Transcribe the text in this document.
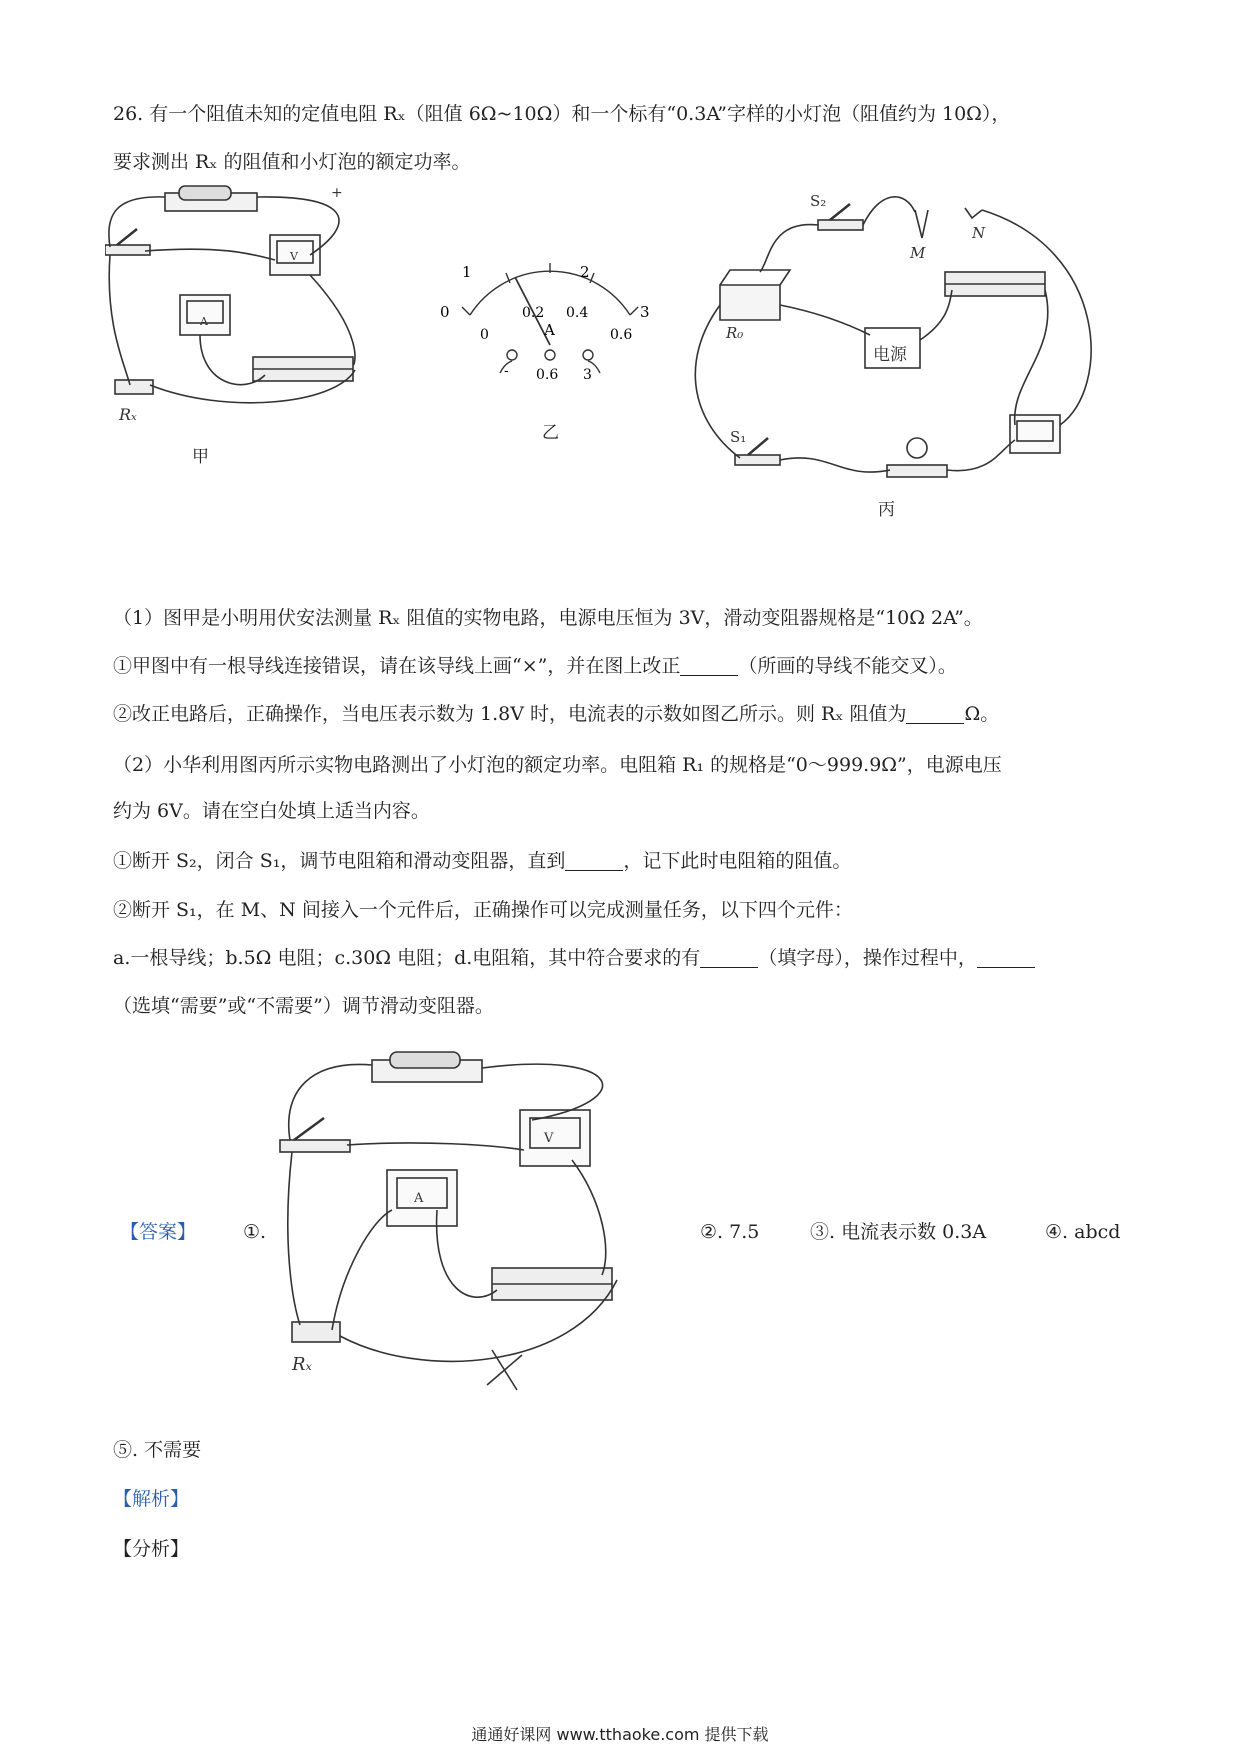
26. 有一个阻值未知的定值电阻 Rₓ（阻值 6Ω~10Ω）和一个标有“0.3A”字样的小灯泡（阻值约为 10Ω），
要求测出 Rₓ 的阻值和小灯泡的额定功率。
+
A
V
Rₓ
甲
0
1	2
3
0
0.2 0.4
0.6
A
- 0.6 3
乙
S₂
M
N
R₀
电源
S₁
丙
（1）图甲是小明用伏安法测量 Rₓ 阻值的实物电路，电源电压恒为 3V，滑动变阻器规格是“10Ω 2A”。
①甲图中有一根导线连接错误，请在该导线上画“×”，并在图上改正	（所画的导线不能交叉）。
②改正电路后，正确操作，当电压表示数为 1.8V 时，电流表的示数如图乙所示。则 Rₓ 阻值为	Ω。
（2）小华利用图丙所示实物电路测出了小灯泡的额定功率。电阻箱 R₁ 的规格是“0～999.9Ω”，电源电压
约为 6V。请在空白处填上适当内容。
①断开 S₂，闭合 S₁，调节电阻箱和滑动变阻器，直到	，记下此时电阻箱的阻值。
②断开 S₁，在 M、N 间接入一个元件后，正确操作可以完成测量任务，以下四个元件：
a.一根导线；b.5Ω 电阻；c.30Ω 电阻；d.电阻箱，其中符合要求的有	（填字母），操作过程中，
（选填“需要”或“不需要”）调节滑动变阻器。
【答案】 ①.
V
A
Rₓ
②. 7.5	③. 电流表示数 0.3A	④. abcd
⑤. 不需要
【解析】
【分析】
通通好课网 www.tthaoke.com 提供下载
